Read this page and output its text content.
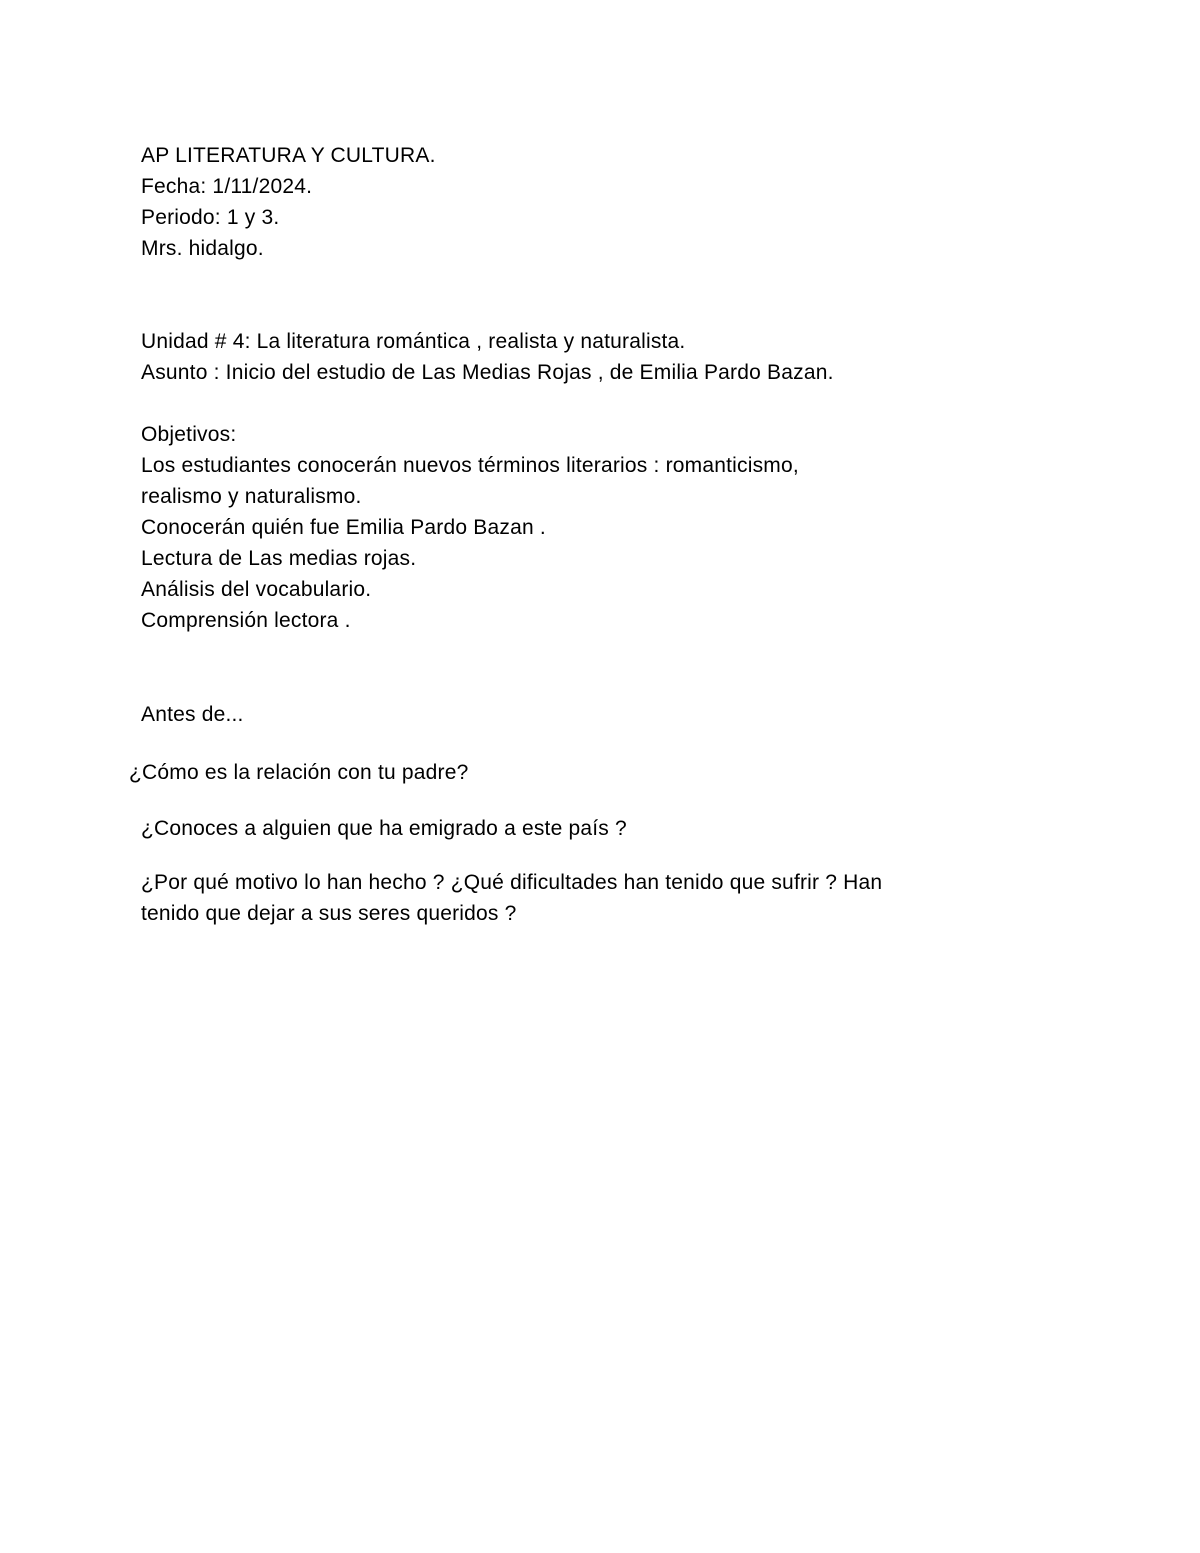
AP LITERATURA Y CULTURA.
Fecha: 1/11/2024.
Periodo: 1 y 3.
Mrs. hidalgo.
Unidad # 4: La literatura romántica , realista y naturalista.
Asunto : Inicio del estudio de Las Medias Rojas , de Emilia Pardo Bazan.
Objetivos:
Los estudiantes conocerán nuevos términos literarios : romanticismo,
realismo y naturalismo.
Conocerán quién fue Emilia Pardo Bazan .
Lectura de Las medias rojas.
Análisis del vocabulario.
Comprensión lectora .
Antes de...
¿Cómo es la relación con tu padre?
¿Conoces a alguien que ha emigrado a este país ?
¿Por qué motivo lo han hecho ? ¿Qué dificultades han tenido que sufrir ? Han
tenido que dejar a sus seres queridos ?
